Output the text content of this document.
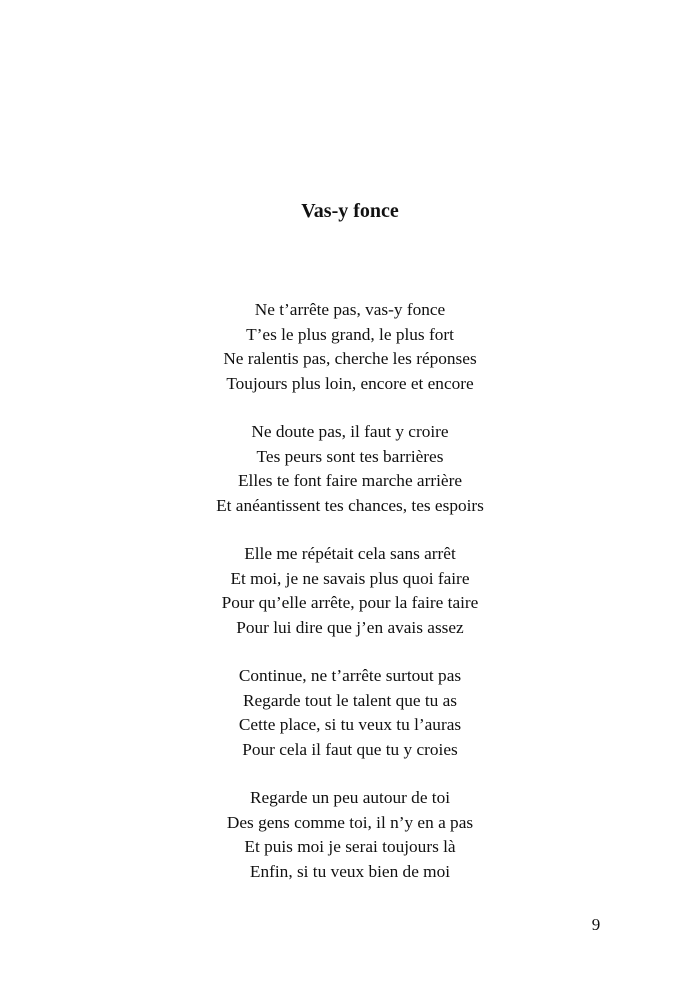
Vas-y fonce
Ne t’arrête pas, vas-y fonce
T’es le plus grand, le plus fort
Ne ralentis pas, cherche les réponses
Toujours plus loin, encore et encore
Ne doute pas, il faut y croire
Tes peurs sont tes barrières
Elles te font faire marche arrière
Et anéantissent tes chances, tes espoirs
Elle me répétait cela sans arrêt
Et moi, je ne savais plus quoi faire
Pour qu’elle arrête, pour la faire taire
Pour lui dire que j’en avais assez
Continue, ne t’arrête surtout pas
Regarde tout le talent que tu as
Cette place, si tu veux tu l’auras
Pour cela il faut que tu y croies
Regarde un peu autour de toi
Des gens comme toi, il n’y en a pas
Et puis moi je serai toujours là
Enfin, si tu veux bien de moi
9
